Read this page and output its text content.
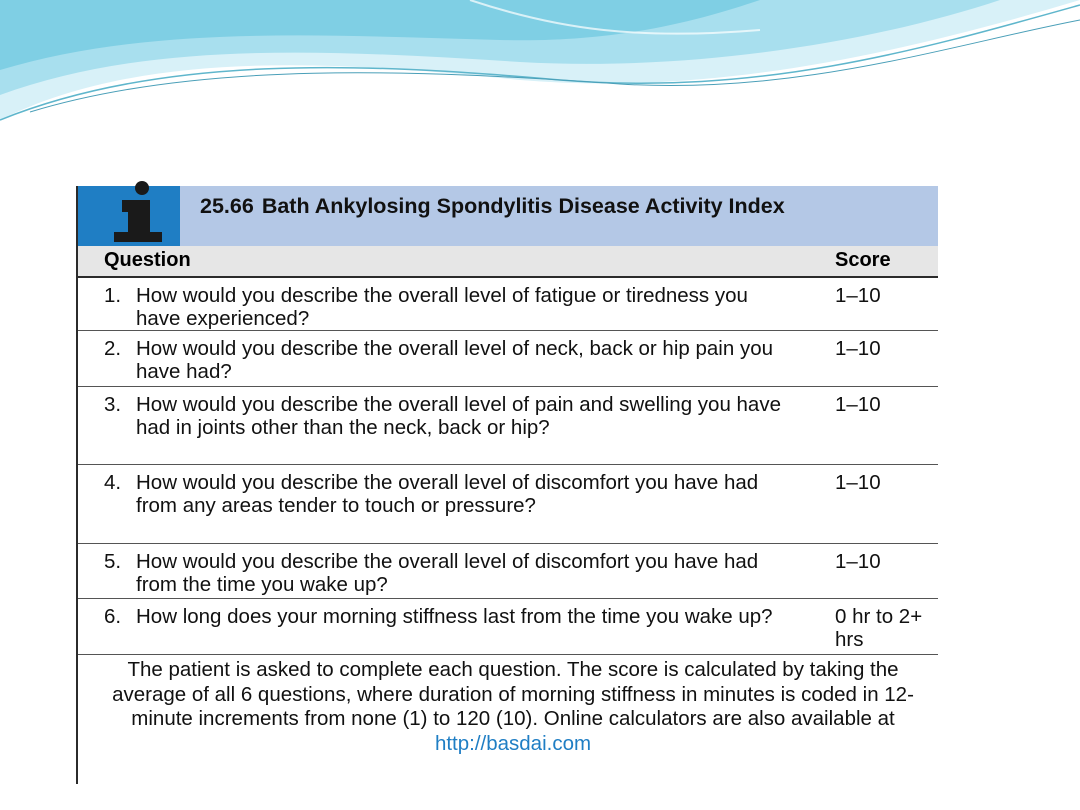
25.66 Bath Ankylosing Spondylitis Disease Activity Index
Question	Score
1. How would you describe the overall level of fatigue or tiredness you have experienced?
1–10
2. How would you describe the overall level of neck, back or hip pain you have had?
1–10
3. How would you describe the overall level of pain and swelling you have had in joints other than the neck, back or hip?
1–10
4. How would you describe the overall level of discomfort you have had from any areas tender to touch or pressure?
1–10
5. How would you describe the overall level of discomfort you have had from the time you wake up?
1–10
6. How long does your morning stiffness last from the time you wake up?	0 hr to 2+ hrs
The patient is asked to complete each question. The score is calculated by taking the average of all 6 questions, where duration of morning stiffness in minutes is coded in 12-minute increments from none (1) to 120 (10). Online calculators are also available at http://basdai.com
